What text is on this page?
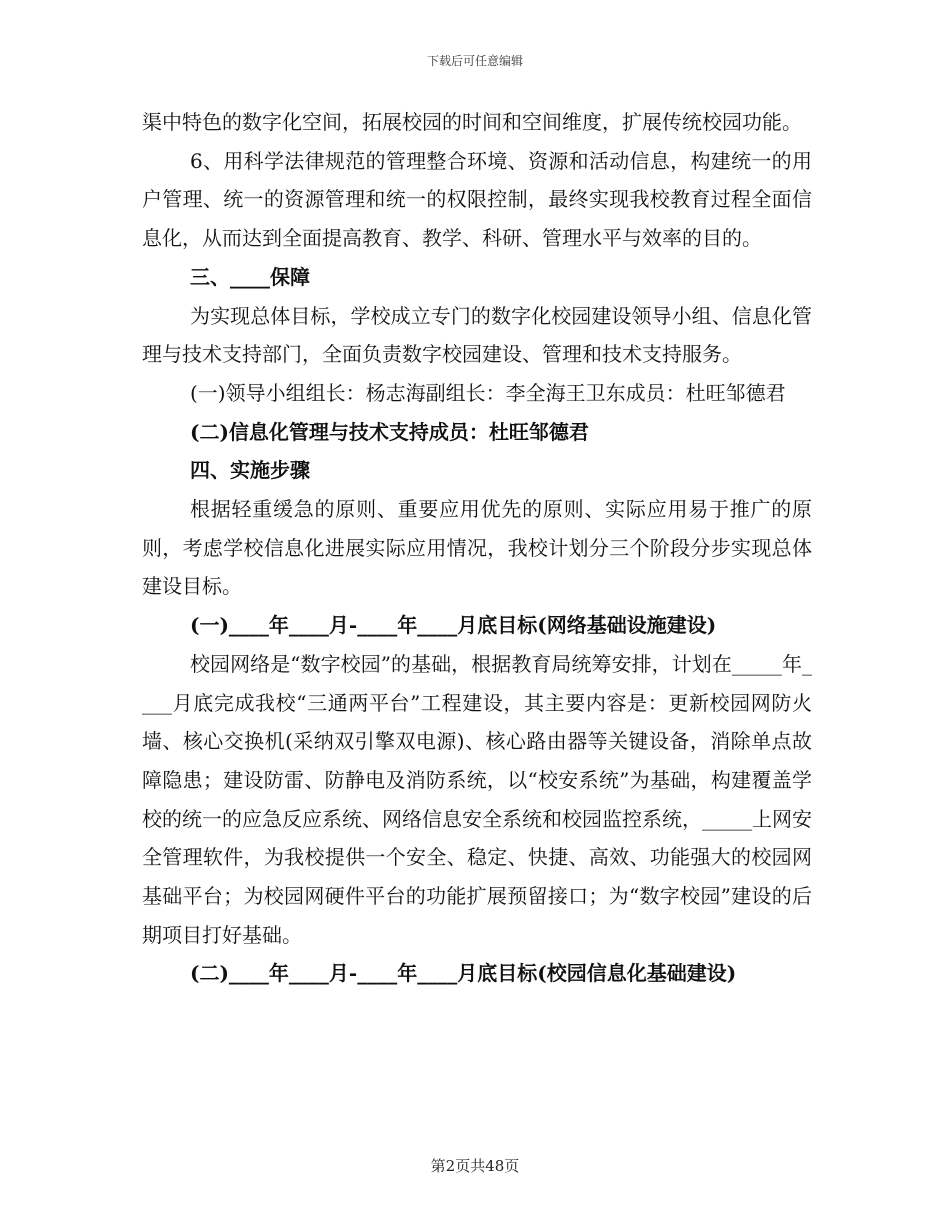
下载后可任意编辑

渠中特色的数字化空间，拓展校园的时间和空间维度，扩展传统校园功能。

6、用科学法律规范的管理整合环境、资源和活动信息，构建统一的用户管理、统一的资源管理和统一的权限控制，最终实现我校教育过程全面信息化，从而达到全面提高教育、教学、科研、管理水平与效率的目的。

三、____保障

为实现总体目标，学校成立专门的数字化校园建设领导小组、信息化管理与技术支持部门，全面负责数字校园建设、管理和技术支持服务。

(一)领导小组组长：杨志海副组长：李全海王卫东成员：杜旺邹德君

(二)信息化管理与技术支持成员：杜旺邹德君

四、实施步骤

根据轻重缓急的原则、重要应用优先的原则、实际应用易于推广的原则，考虑学校信息化进展实际应用情况，我校计划分三个阶段分步实现总体建设目标。

(一)____年____月-____年____月底目标(网络基础设施建设)

校园网络是“数字校园”的基础，根据教育局统筹安排，计划在_____年____月底完成我校“三通两平台”工程建设，其主要内容是：更新校园网防火墙、核心交换机(采纳双引擎双电源)、核心路由器等关键设备，消除单点故障隐患；建设防雷、防静电及消防系统，以“校安系统”为基础，构建覆盖学校的统一的应急反应系统、网络信息安全系统和校园监控系统，_____上网安全管理软件，为我校提供一个安全、稳定、快捷、高效、功能强大的校园网基础平台；为校园网硬件平台的功能扩展预留接口；为“数字校园”建设的后期项目打好基础。

(二)____年____月-____年____月底目标(校园信息化基础建设)

第2页共48页
